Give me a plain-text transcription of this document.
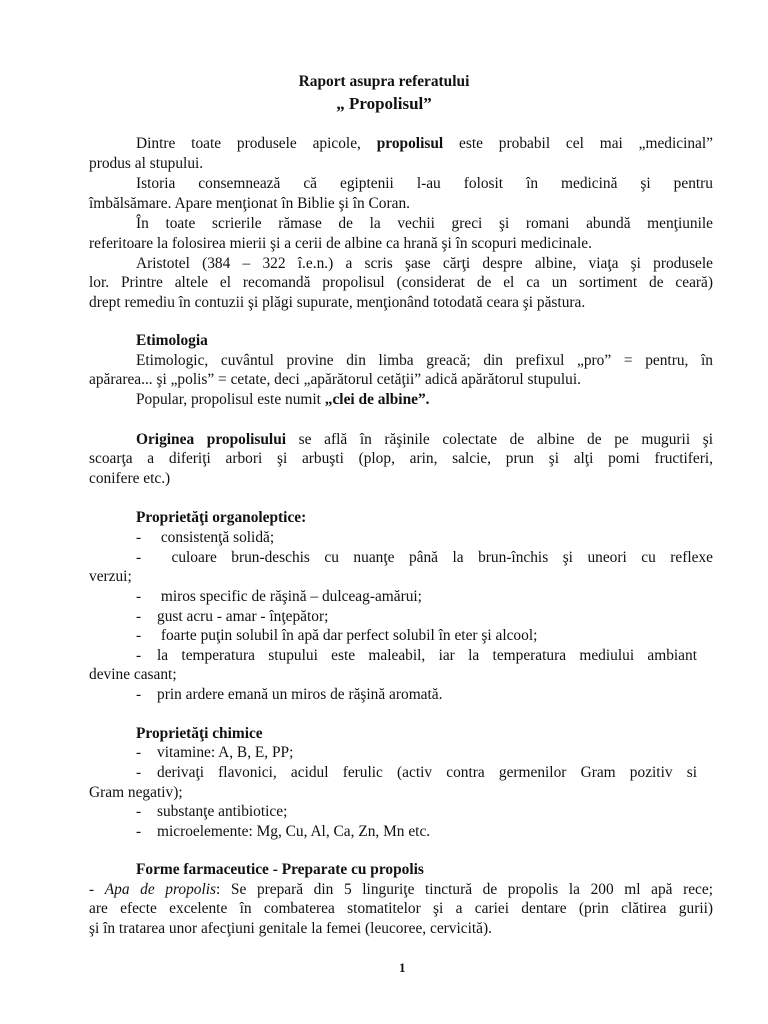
Raport asupra referatului
„ Propolisul”
Dintre toate produsele apicole, propolisul este probabil cel mai „medicinal”
produs al stupului.
Istoria consemnează că egiptenii l-au folosit în medicină şi pentru
îmbălsămare. Apare menţionat în Biblie şi în Coran.
În toate scrierile rămase de la vechii greci şi romani abundă menţiunile
referitoare la folosirea mierii şi a cerii de albine ca hrană şi în scopuri medicinale.
Aristotel (384 – 322 î.e.n.) a scris şase cărţi despre albine, viaţa şi produsele
lor. Printre altele el recomandă propolisul (considerat de el ca un sortiment de ceară)
drept remediu în contuzii şi plăgi supurate, menţionând totodată ceara şi păstura.
Etimologia
Etimologic, cuvântul provine din limba greacă; din prefixul „pro” = pentru, în
apărarea... şi „polis” = cetate, deci „apărătorul cetăţii” adică apărătorul stupului.
Popular, propolisul este numit „clei de albine”.
Originea propolisului se află în răşinile colectate de albine de pe mugurii şi
scoarţa a diferiţi arbori şi arbuşti (plop, arin, salcie, prun şi alţi pomi fructiferi,
conifere etc.)
Proprietăţi organoleptice:
- consistenţă solidă;
- culoare brun-deschis cu nuanţe până la brun-închis şi uneori cu reflexe
verzui;
- miros specific de răşină – dulceag-amărui;
- gust acru - amar - înţepător;
- foarte puţin solubil în apă dar perfect solubil în eter şi alcool;
- la temperatura stupului este maleabil, iar la temperatura mediului ambiant
devine casant;
- prin ardere emană un miros de răşină aromată.
Proprietăţi chimice
- vitamine: A, B, E, PP;
- derivaţi flavonici, acidul ferulic (activ contra germenilor Gram pozitiv si
Gram negativ);
- substanţe antibiotice;
- microelemente: Mg, Cu, Al, Ca, Zn, Mn etc.
Forme farmaceutice - Preparate cu propolis
- Apa de propolis: Se prepară din 5 linguriţe tinctură de propolis la 200 ml apă rece;
are efecte excelente în combaterea stomatitelor şi a cariei dentare (prin clătirea gurii)
şi în tratarea unor afecţiuni genitale la femei (leucoree, cervicită).
1
